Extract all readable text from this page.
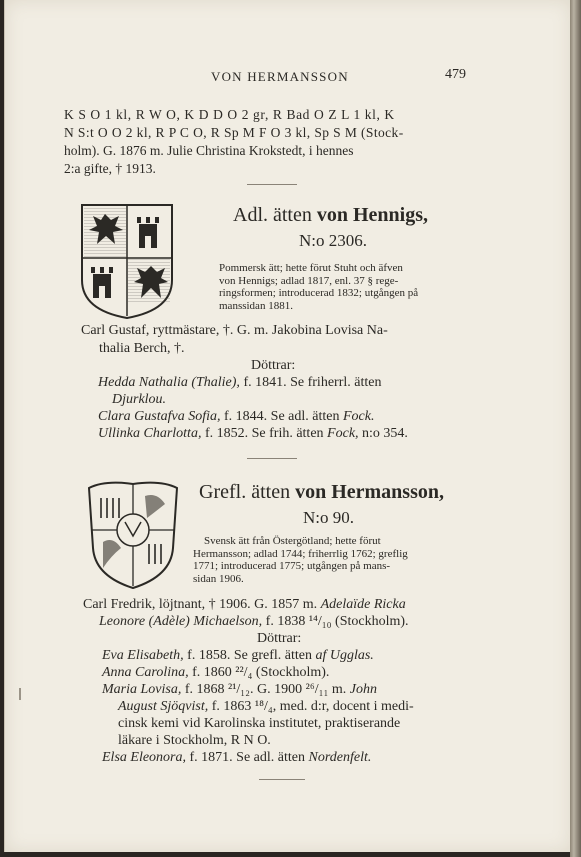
VON HERMANSSON	479
K S O 1 kl, R W O, K D D O 2 gr, R Bad O Z L 1 kl, K
N S:t O O 2 kl, R P C O, R Sp M F O 3 kl, Sp S M (Stock-
holm). G. 1876 m. Julie Christina Krokstedt, i hennes
2:a gifte, † 1913.
Adl. ätten von Hennigs,
N:o 2306.
Pommersk ätt; hette förut Stuht och äfven
von Hennigs; adlad 1817, enl. 37 § rege-
ringsformen; introducerad 1832; utgången på
manssidan 1881.
Carl Gustaf, ryttmästare, †. G. m. Jakobina Lovisa Na-
thalia Berch, †.
Döttrar:
Hedda Nathalia (Thalie), f. 1841. Se friherrl. ätten
Djurklou.
Clara Gustafva Sofia, f. 1844. Se adl. ätten Fock.
Ullinka Charlotta, f. 1852. Se frih. ätten Fock, n:o 354.
Grefl. ätten von Hermansson,
N:o 90.
Svensk ätt från Östergötland; hette förut
Hermansson; adlad 1744; friherrlig 1762; greflig
1771; introducerad 1775; utgången på mans-
sidan 1906.
Carl Fredrik, löjtnant, † 1906. G. 1857 m. Adelaïde Ricka
Leonore (Adèle) Michaelson, f. 1838 ¹⁴/₁₀ (Stockholm).
Döttrar:
Eva Elisabeth, f. 1858. Se grefl. ätten af Ugglas.
Anna Carolina, f. 1860 ²²/₄ (Stockholm).
Maria Lovisa, f. 1868 ²¹/₁₂. G. 1900 ²⁶/₁₁ m. John
August Sjöqvist, f. 1863 ¹⁸/₄, med. d:r, docent i medi-
cinsk kemi vid Karolinska institutet, praktiserande
läkare i Stockholm, R N O.
Elsa Eleonora, f. 1871. Se adl. ätten Nordenfelt.
